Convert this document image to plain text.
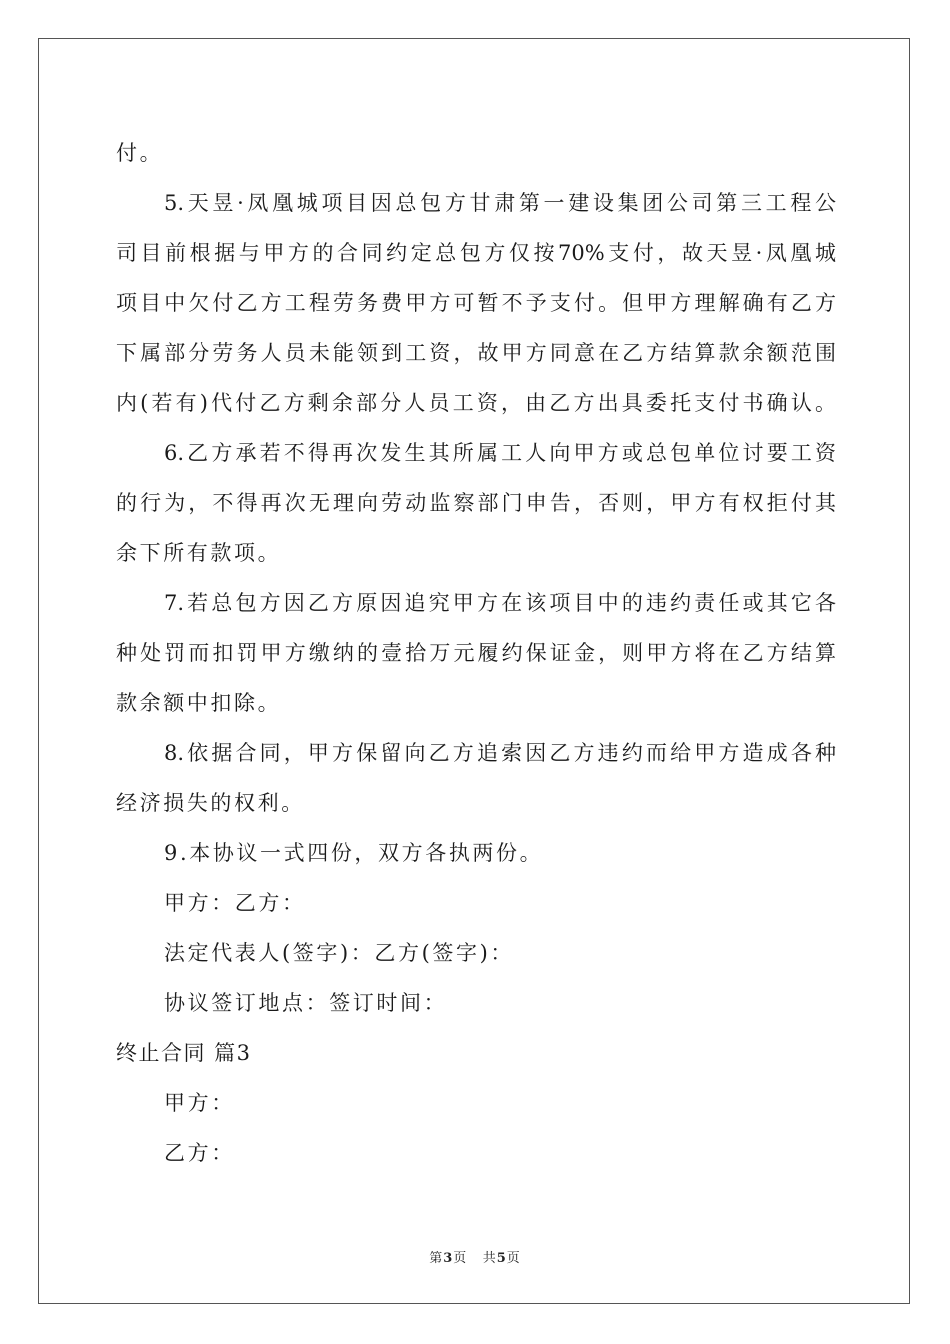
付。
5.天昱·凤凰城项目因总包方甘肃第一建设集团公司第三工程公
司目前根据与甲方的合同约定总包方仅按70%支付，故天昱·凤凰城
项目中欠付乙方工程劳务费甲方可暂不予支付。但甲方理解确有乙方
下属部分劳务人员未能领到工资，故甲方同意在乙方结算款余额范围
内(若有)代付乙方剩余部分人员工资，由乙方出具委托支付书确认。
6.乙方承若不得再次发生其所属工人向甲方或总包单位讨要工资
的行为，不得再次无理向劳动监察部门申告，否则，甲方有权拒付其
余下所有款项。
7.若总包方因乙方原因追究甲方在该项目中的违约责任或其它各
种处罚而扣罚甲方缴纳的壹拾万元履约保证金，则甲方将在乙方结算
款余额中扣除。
8.依据合同，甲方保留向乙方追索因乙方违约而给甲方造成各种
经济损失的权利。
9.本协议一式四份，双方各执两份。
甲方：乙方：
法定代表人(签字)：乙方(签字)：
协议签订地点：签订时间：
终止合同 篇3
甲方：
乙方：
第3页 共5页
